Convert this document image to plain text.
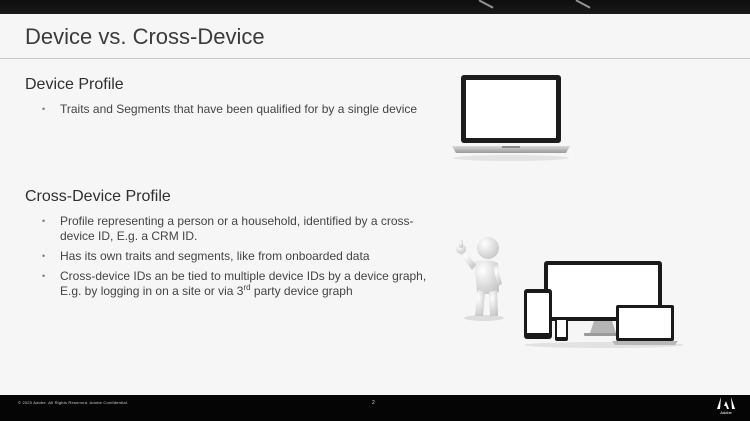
Device vs. Cross-Device
Device Profile
• Traits and Segments that have been qualified for by a single device
Cross-Device Profile
• Profile representing a person or a household, identified by a cross-device ID, E.g. a CRM ID.
• Has its own traits and segments, like from onboarded data
• Cross-device IDs an be tied to multiple device IDs by a device graph, E.g. by logging in on a site or via 3rd party device graph
© 2020 Adobe. All Rights Reserved. Adobe Confidential.	2
Adobe
